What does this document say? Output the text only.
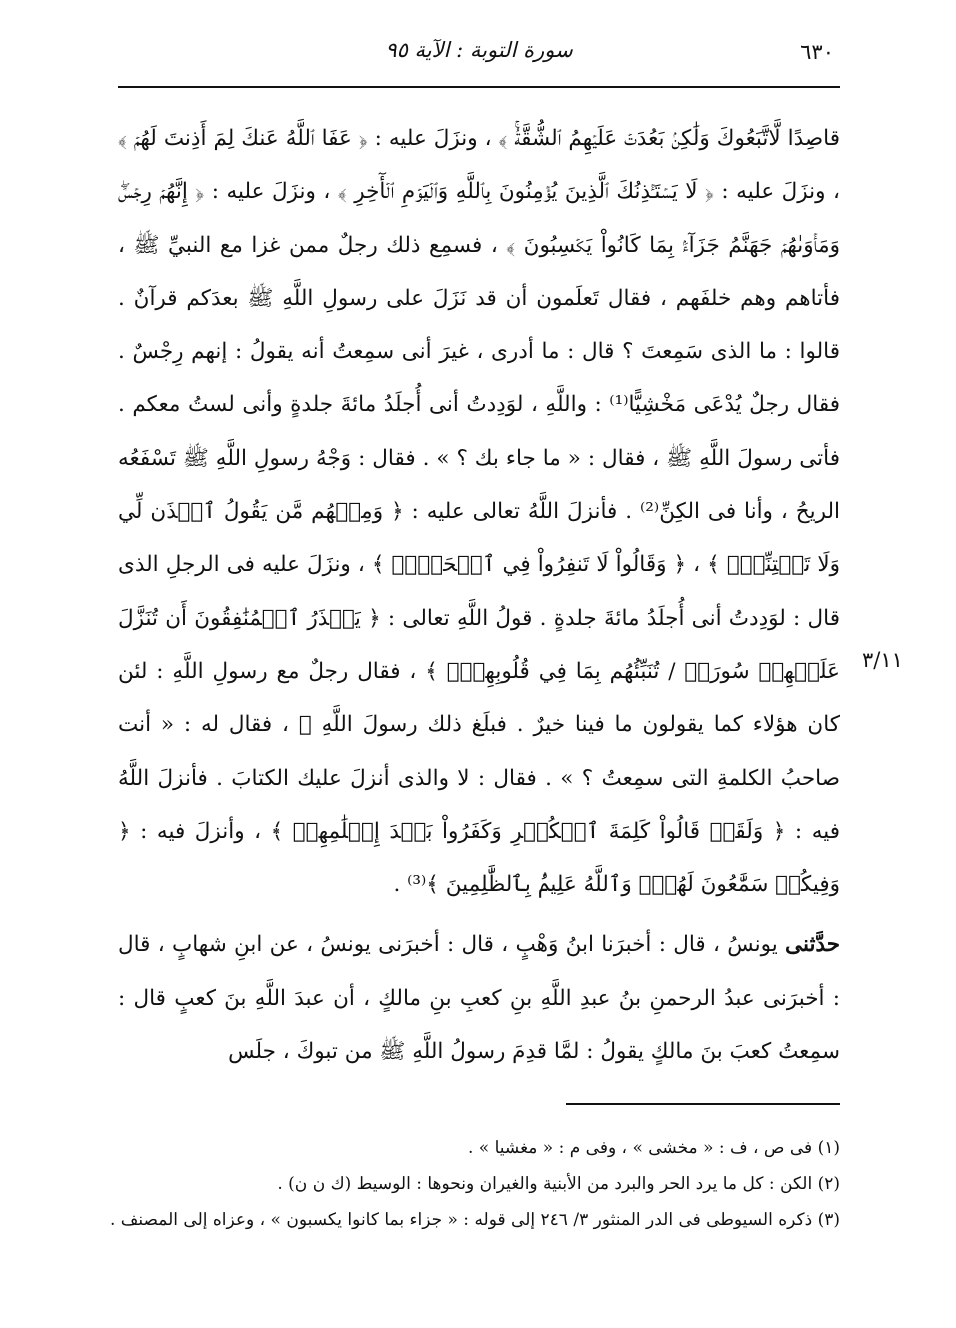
٦٣٠
سورة التوبة : الآية ٩٥

قاصِدًا لَّاتَّبَعُوكَ وَلَٰكِنۢ بَعُدَتۡ عَلَيۡهِمُ ٱلشُّقَّةُۚ ﴾ ، ونزَلَ عليه : ﴿ عَفَا ٱللَّهُ عَنكَ لِمَ أَذِنتَ لَهُمۡ ﴾ ، ونزَلَ عليه : ﴿ لَا يَسۡتَـٔۡذِنُكَ ٱلَّذِينَ يُؤۡمِنُونَ بِٱللَّهِ وَٱلۡيَوۡمِ ٱلۡأٓخِرِ ﴾ ، ونزَلَ عليه : ﴿ إِنَّهُمۡ رِجۡسٞۖ وَمَأۡوَىٰهُمۡ جَهَنَّمُ جَزَآءَۢ بِمَا كَانُواْ يَكۡسِبُونَ ﴾ ، فسمِع ذلك رجلٌ ممن غزا مع النبيِّ ﷺ ، فأتاهم وهم خلفَهم ، فقال تَعلَمون أن قد نَزَلَ على رسولِ اللَّهِ ﷺ بعدَكم قرآنٌ . قالوا : ما الذى سَمِعتَ ؟ قال : ما أدرى ، غيرَ أنى سمِعتُ أنه يقولُ : إنهم رِجْسٌ . فقال رجلٌ يُدْعَى مَخْشِيًّا⁽¹⁾ : واللَّهِ ، لوَدِدتُ أنى أُجلَدُ مائةَ جلدةٍ وأنى لستُ معكم . فأتى رسولَ اللَّهِ ﷺ ، فقال : « ما جاء بك ؟ » . فقال : وَجْهُ رسولِ اللَّهِ ﷺ تَسْفَعُه الريحُ ، وأنا فى الكِنِّ⁽²⁾ . فأنزلَ اللَّهُ تعالى عليه : ﴿ وَمِنۡهُم مَّن يَقُولُ ٱئۡذَن لِّي وَلَا تَفۡتِنِّيٓۚ ﴾ ، ﴿ وَقَالُواْ لَا تَنفِرُواْ فِي ٱلۡحَرِّۗ ﴾ ، ونزَلَ عليه فى الرجلِ الذى قال : لوَدِدتُ أنى أُجلَدُ مائةَ جلدةٍ . قولُ اللَّهِ تعالى : ﴿ يَحۡذَرُ ٱلۡمُنَٰفِقُونَ أَن تُنَزَّلَ عَلَيۡهِمۡ سُورَةٞ / تُنَبِّئُهُم بِمَا فِي قُلُوبِهِمۡۚ ﴾ ، فقال رجلٌ مع رسولِ اللَّهِ : لئن كان هؤلاء كما يقولون ما فينا خيرٌ . فبلَغ ذلك رسولَ اللَّهِ ﷺ ، فقال له : « أنت صاحبُ الكلمةِ التى سمِعتُ ؟ » . فقال : لا والذى أنزلَ عليك الكتابَ . فأنزلَ اللَّهُ فيه : ﴿ وَلَقَدۡ قَالُواْ كَلِمَةَ ٱلۡكُفۡرِ وَكَفَرُواْ بَعۡدَ إِسۡلَٰمِهِمۡ ﴾ ، وأنزلَ فيه : ﴿ وَفِيكُمۡ سَمَّٰعُونَ لَهُمۡۗ وَٱللَّهُ عَلِيمُۢ بِٱلظَّٰلِمِينَ ﴾⁽³⁾ .

حدَّثنى يونسُ ، قال : أخبرَنا ابنُ وَهْبٍ ، قال : أخبرَنى يونسُ ، عن ابنِ شهابٍ ، قال : أخبرَنى عبدُ الرحمنِ بنُ عبدِ اللَّهِ بنِ كعبِ بنِ مالكٍ ، أن عبدَ اللَّهِ بنَ كعبٍ قال : سمِعتُ كعبَ بنَ مالكٍ يقولُ : لمَّا قدِمَ رسولُ اللَّهِ ﷺ من تبوكَ ، جلَس

٣/١١

(١) فى ص ، ف : « مخشى » ، وفى م : « مغشيا » .

(٢) الكن : كل ما يرد الحر والبرد من الأبنية والغيران ونحوها : الوسيط (ك ن ن) .

(٣) ذكره السيوطى فى الدر المنثور ٣/ ٢٤٦ إلى قوله : « جزاء بما كانوا يكسبون » ، وعزاه إلى المصنف .
